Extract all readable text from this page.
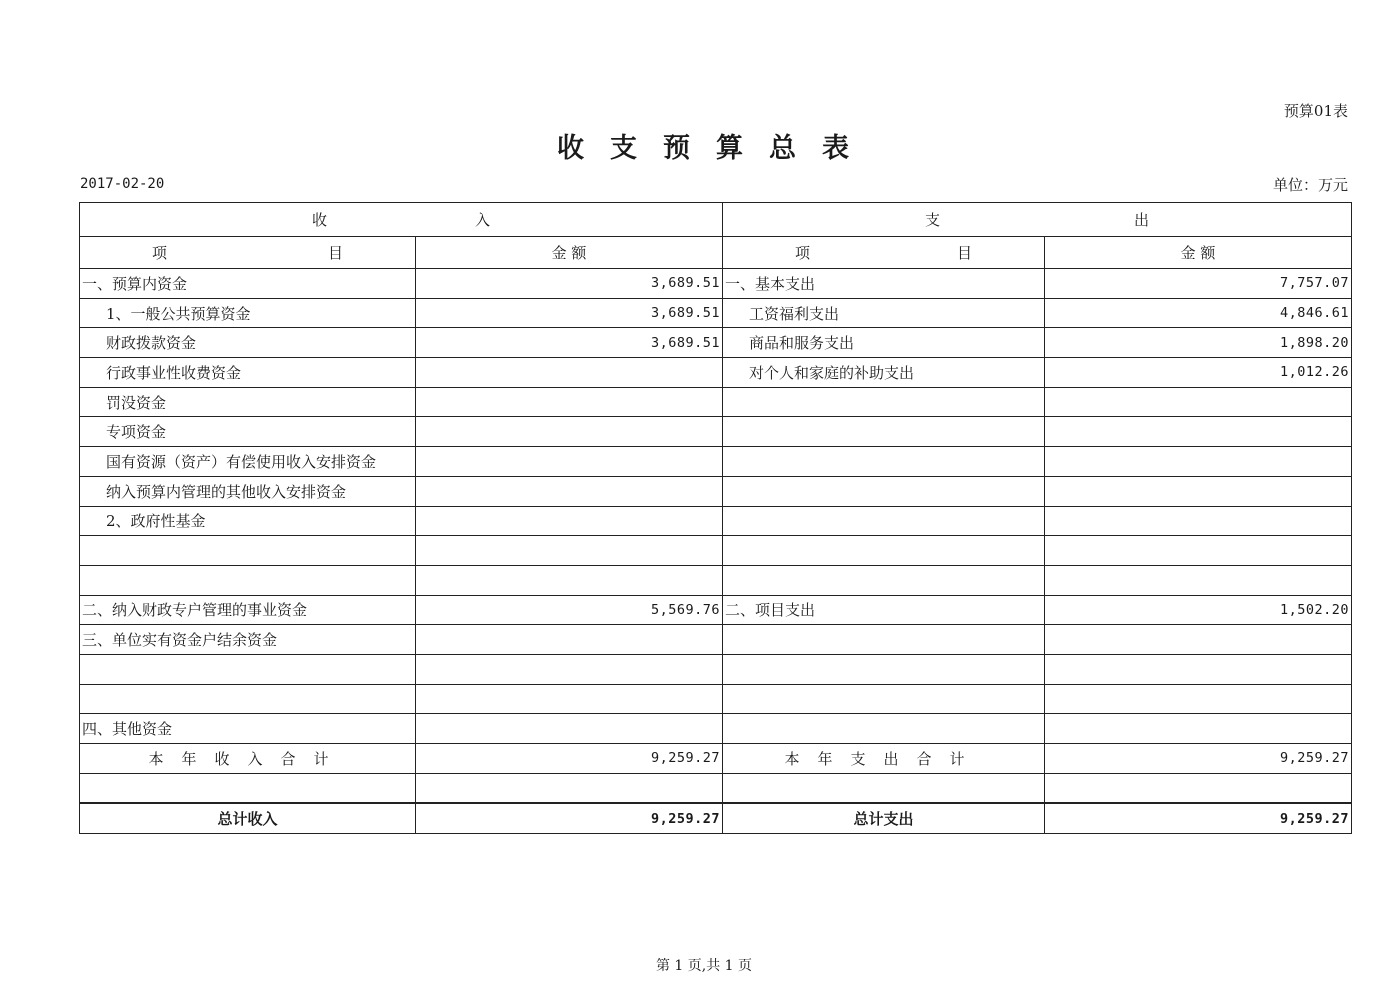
预算01表
收支预算总表
2017-02-20	单位：万元
收 入		支 出	

项 目	金 额	项 目	金 额
一、预算内资金	3,689.51	一、基本支出	7,757.07
1、一般公共预算资金	3,689.51	工资福利支出	4,846.61
财政拨款资金	3,689.51	商品和服务支出	1,898.20
行政事业性收费资金		对个人和家庭的补助支出	1,012.26
罚没资金			
专项资金			
国有资源（资产）有偿使用收入安排资金			
纳入预算内管理的其他收入安排资金			
2、政府性基金			

二、纳入财政专户管理的事业资金	5,569.76	二、项目支出	1,502.20
三、单位实有资金户结余资金			

四、其他资金			
本年收入合计	9,259.27	本年支出合计	9,259.27

总计收入	9,259.27	总计支出	9,259.27
第 1 页,共 1 页
